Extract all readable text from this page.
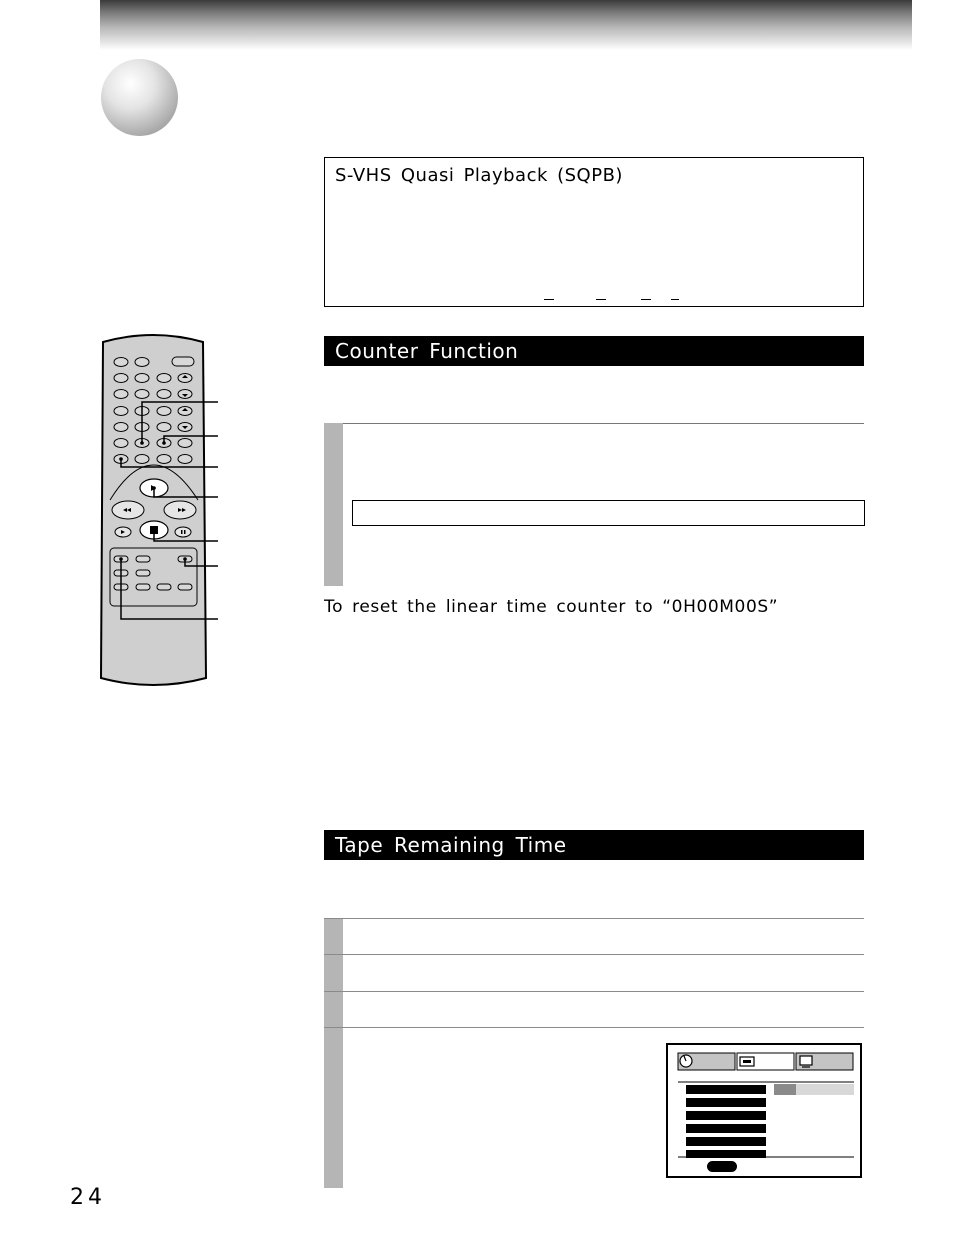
S-VHS Quasi Playback (SQPB)
Counter Function
To reset the linear time counter to “0H00M00S”
Tape Remaining Time
24
